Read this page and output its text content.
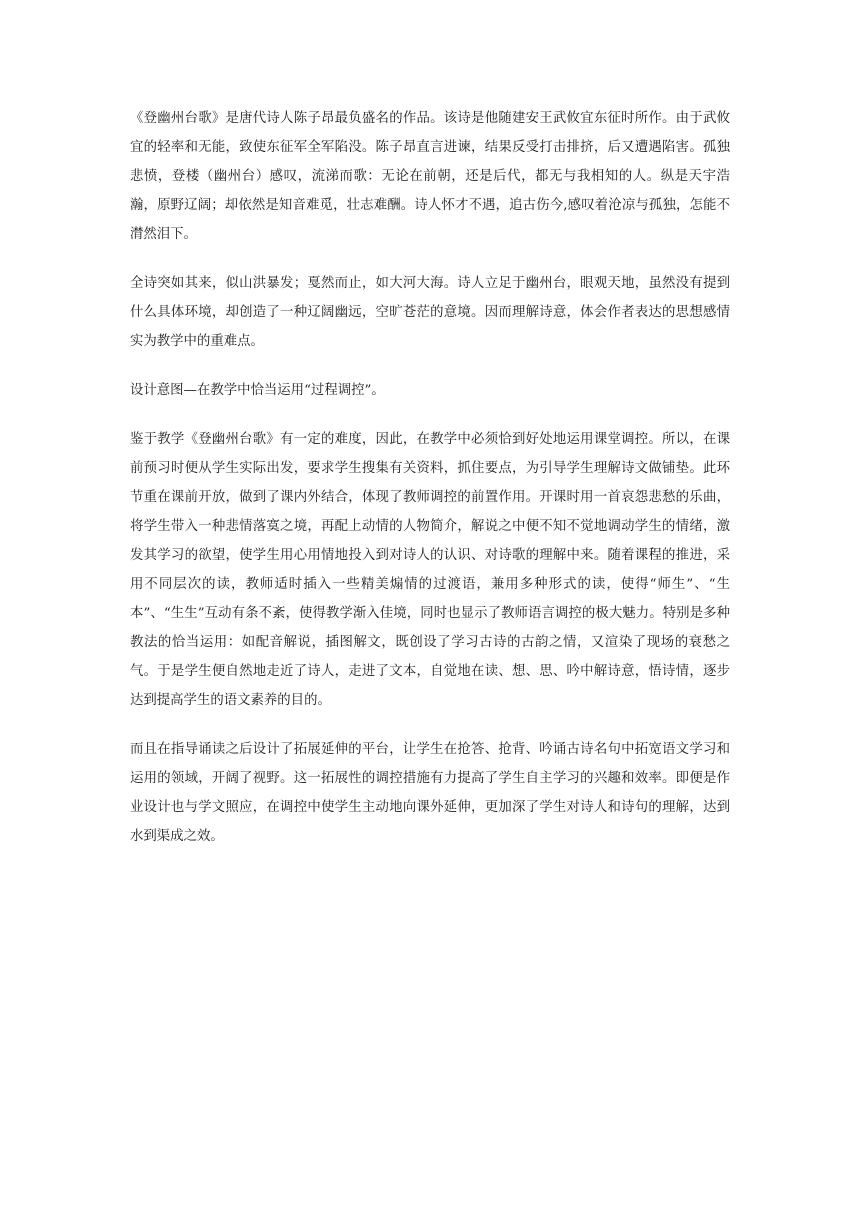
《登幽州台歌》是唐代诗人陈子昂最负盛名的作品。该诗是他随建安王武攸宜东征时所作。由于武攸宜的轻率和无能，致使东征军全军陷没。陈子昂直言进谏，结果反受打击排挤，后又遭遇陷害。孤独悲愤，登楼（幽州台）感叹，流涕而歌：无论在前朝，还是后代，都无与我相知的人。纵是天宇浩瀚，原野辽阔；却依然是知音难觅，壮志难酬。诗人怀才不遇，追古伤今,感叹着沧凉与孤独，怎能不潸然泪下。

全诗突如其来，似山洪暴发；戛然而止，如大河大海。诗人立足于幽州台，眼观天地，虽然没有提到什么具体环境，却创造了一种辽阔幽远，空旷苍茫的意境。因而理解诗意，体会作者表达的思想感情实为教学中的重难点。

设计意图—在教学中恰当运用“过程调控”。

鉴于教学《登幽州台歌》有一定的难度，因此，在教学中必须恰到好处地运用课堂调控。所以，在课前预习时便从学生实际出发，要求学生搜集有关资料，抓住要点，为引导学生理解诗文做铺垫。此环节重在课前开放，做到了课内外结合，体现了教师调控的前置作用。开课时用一首哀怨悲愁的乐曲，将学生带入一种悲情落寞之境，再配上动情的人物简介，解说之中便不知不觉地调动学生的情绪，激发其学习的欲望，使学生用心用情地投入到对诗人的认识、对诗歌的理解中来。随着课程的推进，采用不同层次的读，教师适时插入一些精美煽情的过渡语，兼用多种形式的读，使得“师生”、“生本”、“生生”互动有条不紊，使得教学渐入佳境，同时也显示了教师语言调控的极大魅力。特别是多种教法的恰当运用：如配音解说，插图解文，既创设了学习古诗的古韵之情，又渲染了现场的衰愁之气。于是学生便自然地走近了诗人，走进了文本，自觉地在读、想、思、吟中解诗意，悟诗情，逐步达到提高学生的语文素养的目的。

而且在指导诵读之后设计了拓展延伸的平台，让学生在抢答、抢背、吟诵古诗名句中拓宽语文学习和运用的领域，开阔了视野。这一拓展性的调控措施有力提高了学生自主学习的兴趣和效率。即便是作业设计也与学文照应，在调控中使学生主动地向课外延伸，更加深了学生对诗人和诗句的理解，达到水到渠成之效。
